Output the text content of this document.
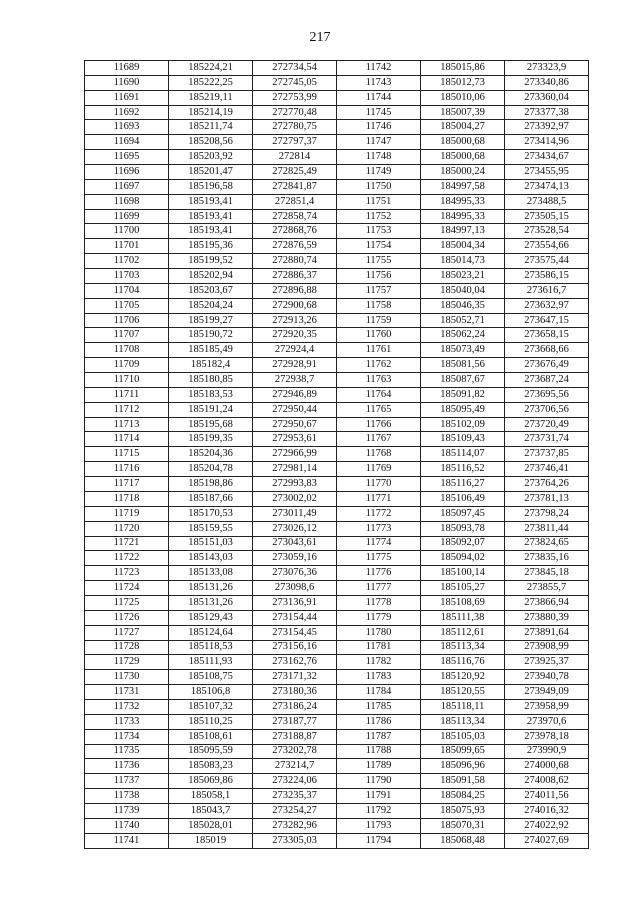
217
11689	185224,21	272734,54	11742	185015,86	273323,9
11690	185222,25	272745,05	11743	185012,73	273340,86
11691	185219,11	272753,99	11744	185010,06	273360,04
11692	185214,19	272770,48	11745	185007,39	273377,38
11693	185211,74	272780,75	11746	185004,27	273392,97
11694	185208,56	272797,37	11747	185000,68	273414,96
11695	185203,92	272814	11748	185000,68	273434,67
11696	185201,47	272825,49	11749	185000,24	273455,95
11697	185196,58	272841,87	11750	184997,58	273474,13
11698	185193,41	272851,4	11751	184995,33	273488,5
11699	185193,41	272858,74	11752	184995,33	273505,15
11700	185193,41	272868,76	11753	184997,13	273528,54
11701	185195,36	272876,59	11754	185004,34	273554,66
11702	185199,52	272880,74	11755	185014,73	273575,44
11703	185202,94	272886,37	11756	185023,21	273586,15
11704	185203,67	272896,88	11757	185040,04	273616,7
11705	185204,24	272900,68	11758	185046,35	273632,97
11706	185199,27	272913,26	11759	185052,71	273647,15
11707	185190,72	272920,35	11760	185062,24	273658,15
11708	185185,49	272924,4	11761	185073,49	273668,66
11709	185182,4	272928,91	11762	185081,56	273676,49
11710	185180,85	272938,7	11763	185087,67	273687,24
11711	185183,53	272946,89	11764	185091,82	273695,56
11712	185191,24	272950,44	11765	185095,49	273706,56
11713	185195,68	272950,67	11766	185102,09	273720,49
11714	185199,35	272953,61	11767	185109,43	273731,74
11715	185204,36	272966,99	11768	185114,07	273737,85
11716	185204,78	272981,14	11769	185116,52	273746,41
11717	185198,86	272993,83	11770	185116,27	273764,26
11718	185187,66	273002,02	11771	185106,49	273781,13
11719	185170,53	273011,49	11772	185097,45	273798,24
11720	185159,55	273026,12	11773	185093,78	273811,44
11721	185151,03	273043,61	11774	185092,07	273824,65
11722	185143,03	273059,16	11775	185094,02	273835,16
11723	185133,08	273076,36	11776	185100,14	273845,18
11724	185131,26	273098,6	11777	185105,27	273855,7
11725	185131,26	273136,91	11778	185108,69	273866,94
11726	185129,43	273154,44	11779	185111,38	273880,39
11727	185124,64	273154,45	11780	185112,61	273891,64
11728	185118,53	273156,16	11781	185113,34	273908,99
11729	185111,93	273162,76	11782	185116,76	273925,37
11730	185108,75	273171,32	11783	185120,92	273940,78
11731	185106,8	273180,36	11784	185120,55	273949,09
11732	185107,32	273186,24	11785	185118,11	273958,99
11733	185110,25	273187,77	11786	185113,34	273970,6
11734	185108,61	273188,87	11787	185105,03	273978,18
11735	185095,59	273202,78	11788	185099,65	273990,9
11736	185083,23	273214,7	11789	185096,96	274000,68
11737	185069,86	273224,06	11790	185091,58	274008,62
11738	185058,1	273235,37	11791	185084,25	274011,56
11739	185043,7	273254,27	11792	185075,93	274016,32
11740	185028,01	273282,96	11793	185070,31	274022,92
11741	185019	273305,03	11794	185068,48	274027,69
